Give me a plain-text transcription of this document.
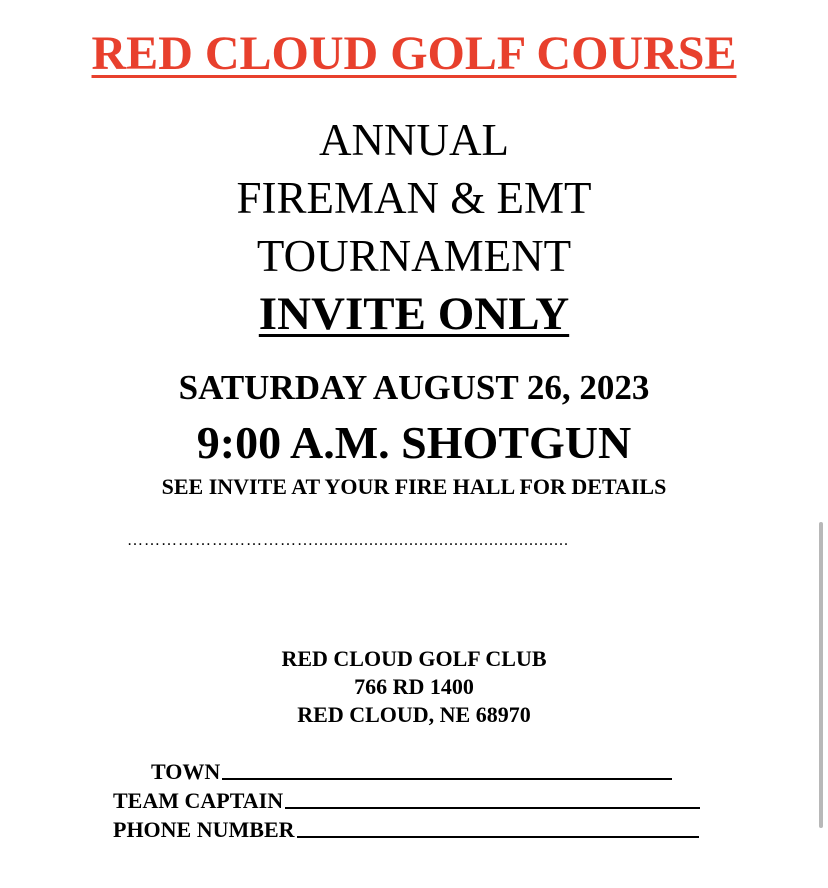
RED CLOUD GOLF COURSE
ANNUAL
FIREMAN & EMT
TOURNAMENT
INVITE ONLY
SATURDAY AUGUST 26, 2023
9:00 A.M. SHOTGUN
SEE INVITE AT YOUR FIRE HALL FOR DETAILS
……………………………...................................................
RED CLOUD GOLF CLUB
766 RD 1400
RED CLOUD, NE 68970
TOWN
TEAM CAPTAIN
PHONE NUMBER
